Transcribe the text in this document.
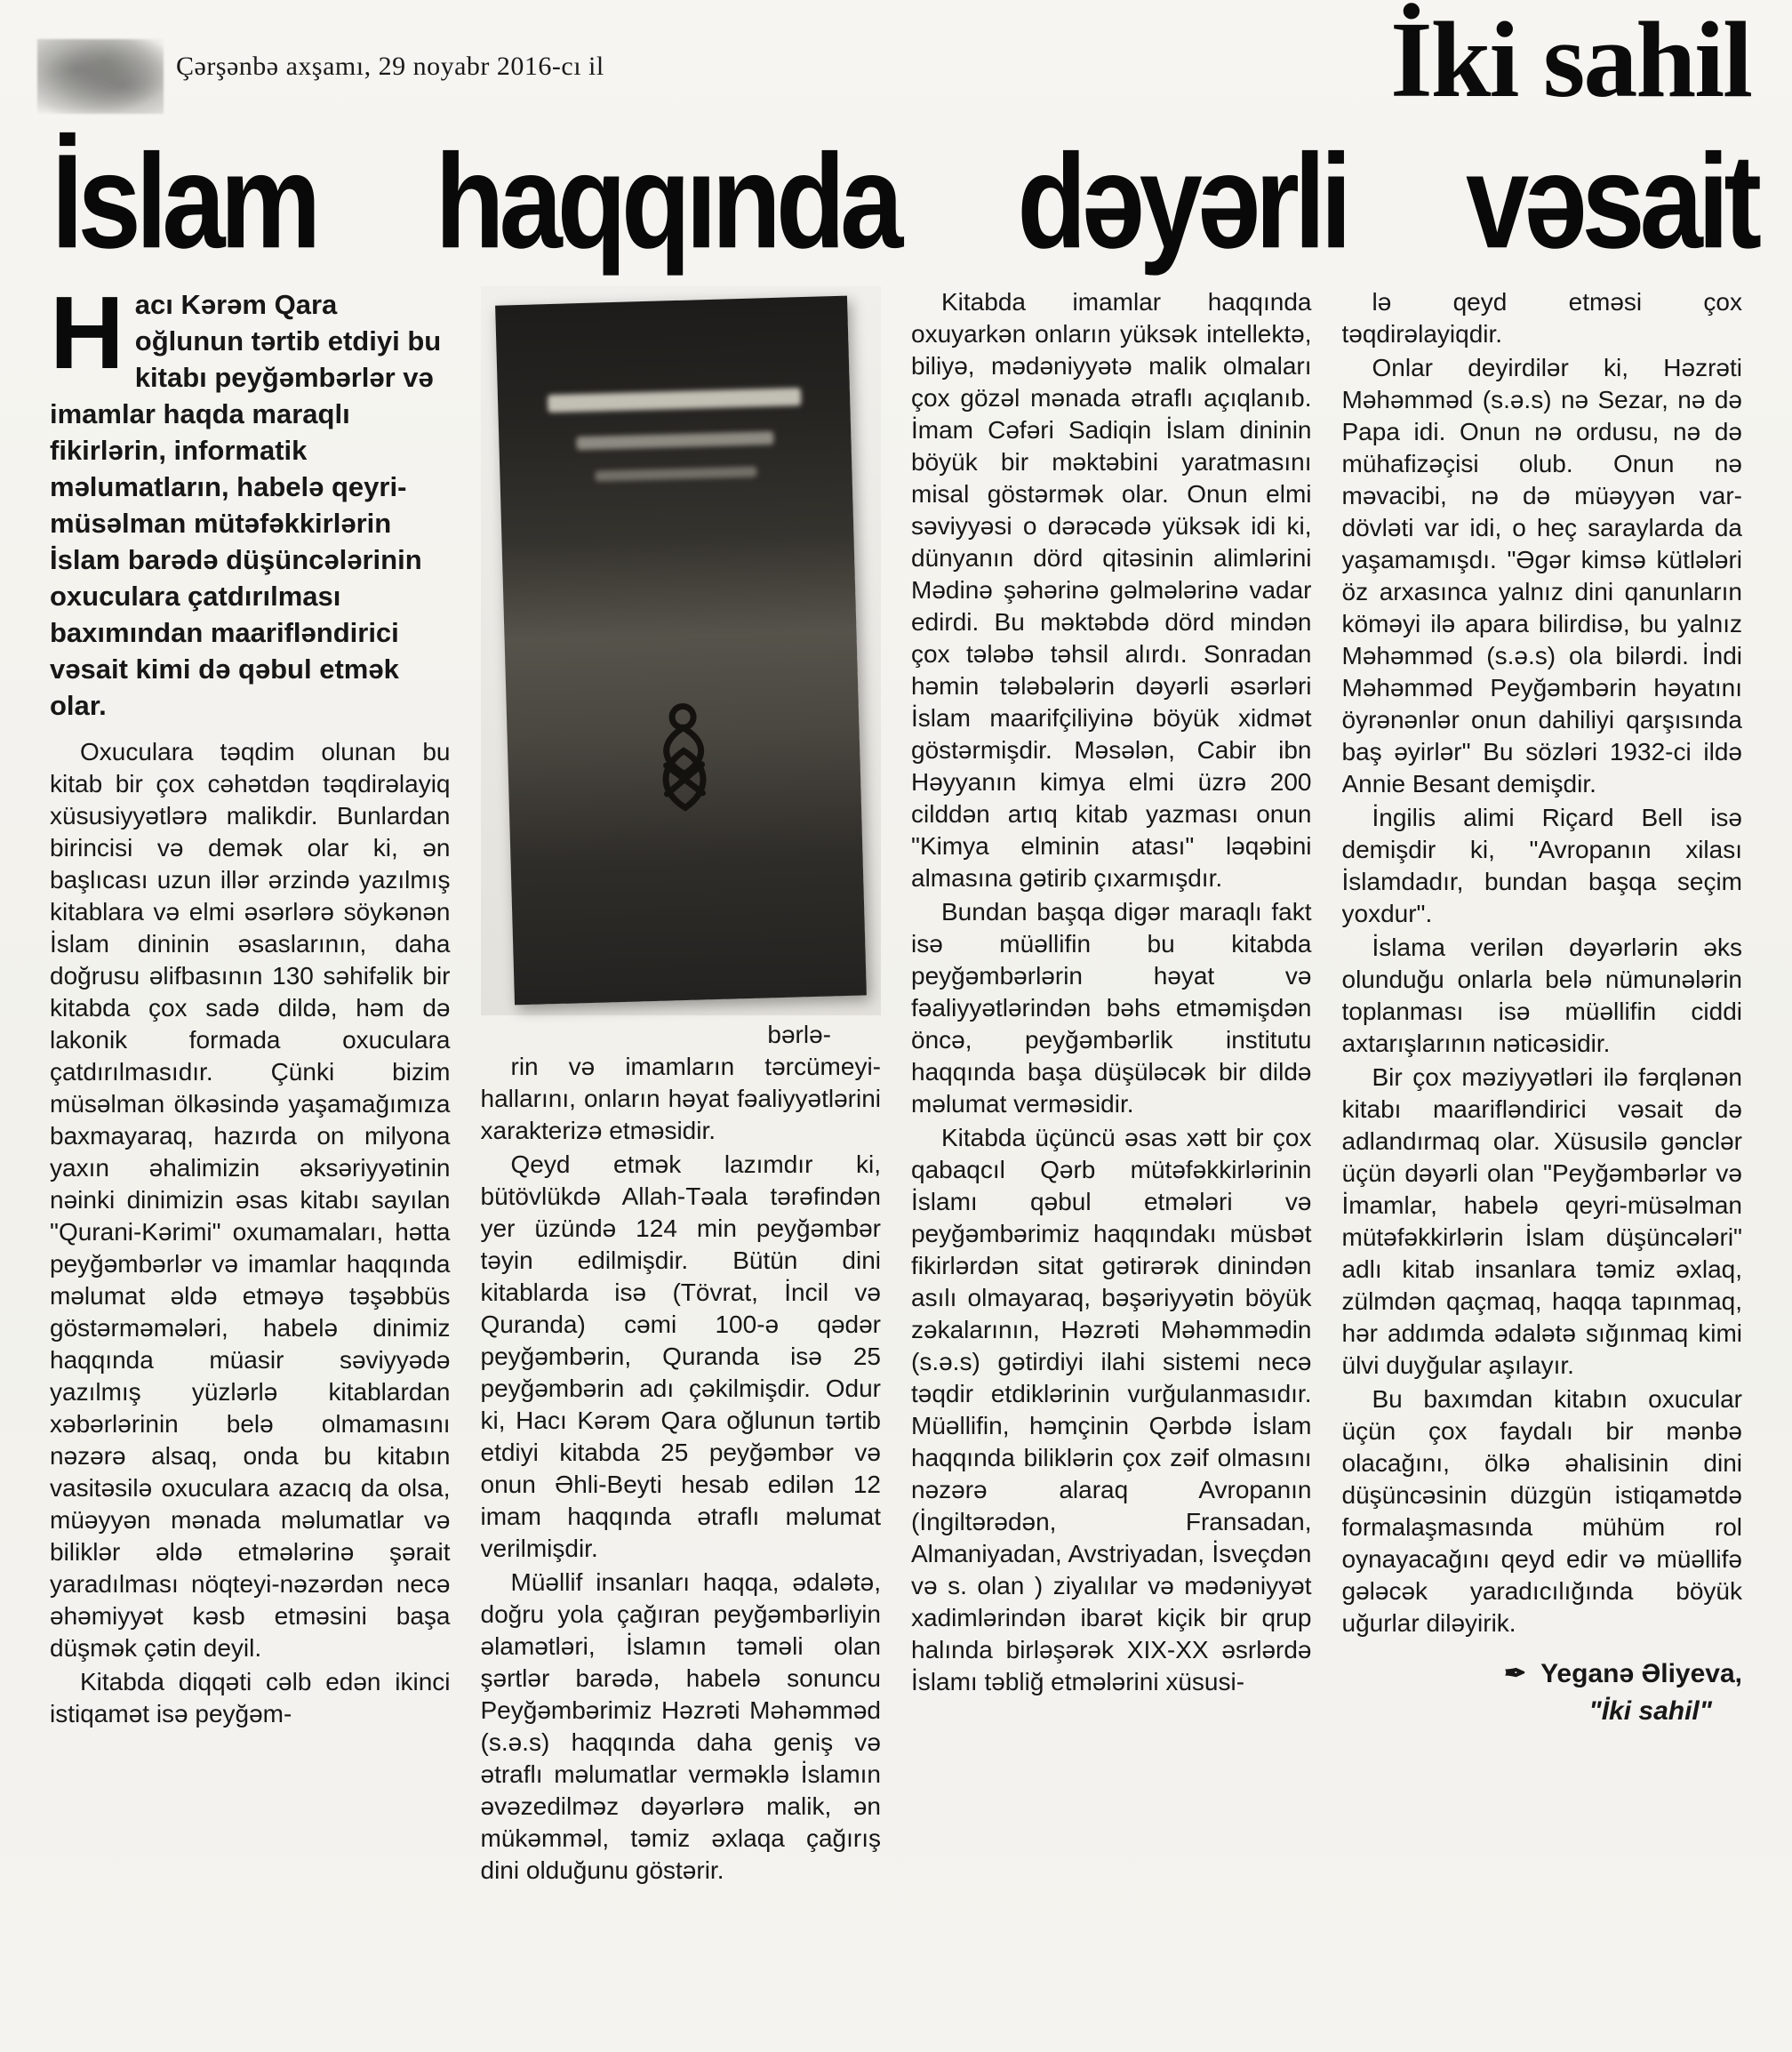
Çərşənbə axşamı, 29 noyabr 2016-cı il	İki sahil
İslam haqqında dəyərli vəsait
Hacı Kərəm Qara oğlunun tərtib etdiyi bu kitabı peyğəmbərlər və imamlar haqda maraqlı fikirlərin, informatik məlumatların, habelə qeyri-müsəlman mütəfəkkirlərin İslam barədə düşüncələrinin oxuculara çatdırılması baxımından maarifləndirici vəsait kimi də qəbul etmək olar.

Oxuculara təqdim olunan bu kitab bir çox cəhətdən təqdirəlayiq xüsusiyyətlərə malikdir. Bunlardan birincisi və demək olar ki, ən başlıcası uzun illər ərzində yazılmış kitablara və elmi əsərlərə söykənən İslam dininin əsaslarının, daha doğrusu əlifbasının 130 səhifəlik bir kitabda çox sadə dildə, həm də lakonik formada oxuculara çatdırılmasıdır. Çünki bizim müsəlman ölkəsində yaşamağımıza baxmayaraq, hazırda on milyona yaxın əhalimizin əksəriyyətinin nəinki dinimizin əsas kitabı sayılan "Qurani-Kərimi" oxumamaları, hətta peyğəmbərlər və imamlar haqqında məlumat əldə etməyə təşəbbüs göstərməmələri, habelə dinimiz haqqında müasir səviyyədə yazılmış yüzlərlə kitablardan xəbərlərinin belə olmamasını nəzərə alsaq, onda bu kitabın vasitəsilə oxuculara azacıq da olsa, müəyyən mənada məlumatlar və biliklər əldə etmələrinə şərait yaradılması nöqteyi-nəzərdən necə əhəmiyyət kəsb etməsini başa düşmək çətin deyil.

Kitabda diqqəti cəlb edən ikinci istiqamət isə peyğəm-

bərlə-

rin və imamların tərcümeyi-hallarını, onların həyat fəaliyyətlərini xarakterizə etməsidir.

Qeyd etmək lazımdır ki, bütövlükdə Allah-Təala tərəfindən yer üzündə 124 min peyğəmbər təyin edilmişdir. Bütün dini kitablarda isə (Tövrat, İncil və Quranda) cəmi 100-ə qədər peyğəmbərin, Quranda isə 25 peyğəmbərin adı çəkilmişdir. Odur ki, Hacı Kərəm Qara oğlunun tərtib etdiyi kitabda 25 peyğəmbər və onun Əhli-Beyti hesab edilən 12 imam haqqında ətraflı məlumat verilmişdir.

Müəllif insanları haqqa, ədalətə, doğru yola çağıran peyğəmbərliyin əlamətləri, İslamın təməli olan şərtlər barədə, habelə sonuncu Peyğəmbərimiz Həzrəti Məhəmməd (s.ə.s) haqqında daha geniş və ətraflı məlumatlar verməklə İslamın əvəzedilməz dəyərlərə malik, ən mükəmməl, təmiz əxlaqa çağırış dini olduğunu göstərir.

Kitabda imamlar haqqında oxuyarkən onların yüksək intellektə, biliyə, mədəniyyətə malik olmaları çox gözəl mənada ətraflı açıqlanıb. İmam Cəfəri Sadiqin İslam dininin böyük bir məktəbini yaratmasını misal göstərmək olar. Onun elmi səviyyəsi o dərəcədə yüksək idi ki, dünyanın dörd qitəsinin alimlərini Mədinə şəhərinə gəlmələrinə vadar edirdi. Bu məktəbdə dörd mindən çox tələbə təhsil alırdı. Sonradan həmin tələbələrin dəyərli əsərləri İslam maarifçiliyinə böyük xidmət göstərmişdir. Məsələn, Cabir ibn Həyyanın kimya elmi üzrə 200 cilddən artıq kitab yazması onun "Kimya elminin atası" ləqəbini almasına gətirib çıxarmışdır.

Bundan başqa digər maraqlı fakt isə müəllifin bu kitabda peyğəmbərlərin həyat və fəaliyyətlərindən bəhs etməmişdən öncə, peyğəmbərlik institutu haqqında başa düşüləcək bir dildə məlumat verməsidir.

Kitabda üçüncü əsas xətt bir çox qabaqcıl Qərb mütəfəkkirlərinin İslamı qəbul etmələri və peyğəmbərimiz haqqındakı müsbət fikirlərdən sitat gətirərək dinindən asılı olmayaraq, bəşəriyyətin böyük zəkalarının, Həzrəti Məhəmmədin (s.ə.s) gətirdiyi ilahi sistemi necə təqdir etdiklərinin vurğulanmasıdır. Müəllifin, həmçinin Qərbdə İslam haqqında biliklərin çox zəif olmasını nəzərə alaraq Avropanın (İngiltərədən, Fransadan, Almaniyadan, Avstriyadan, İsveçdən və s. olan ) ziyalılar və mədəniyyət xadimlərindən ibarət kiçik bir qrup halında birləşərək XIX-XX əsrlərdə İslamı təbliğ etmələrini xüsusi-

lə qeyd etməsi çox təqdirəlayiqdir.

Onlar deyirdilər ki, Həzrəti Məhəmməd (s.ə.s) nə Sezar, nə də Papa idi. Onun nə ordusu, nə də mühafizəçisi olub. Onun nə məvacibi, nə də müəyyən var-dövləti var idi, o heç saraylarda da yaşamamışdı. "Əgər kimsə kütlələri öz arxasınca yalnız dini qanunların köməyi ilə apara bilirdisə, bu yalnız Məhəmməd (s.ə.s) ola bilərdi. İndi Məhəmməd Peyğəmbərin həyatını öyrənənlər onun dahiliyi qarşısında baş əyirlər" Bu sözləri 1932-ci ildə Annie Besant demişdir.

İngilis alimi Riçard Bell isə demişdir ki, "Avropanın xilası İslamdadır, bundan başqa seçim yoxdur".

İslama verilən dəyərlərin əks olunduğu onlarla belə nümunələrin toplanması isə müəllifin ciddi axtarışlarının nəticəsidir.

Bir çox məziyyətləri ilə fərqlənən kitabı maarifləndirici vəsait də adlandırmaq olar. Xüsusilə gənclər üçün dəyərli olan "Peyğəmbərlər və İmamlar, habelə qeyri-müsəlman mütəfəkkirlərin İslam düşüncələri" adlı kitab insanlara təmiz əxlaq, zülmdən qaçmaq, haqqa tapınmaq, hər addımda ədalətə sığınmaq kimi ülvi duyğular aşılayır.

Bu baxımdan kitabın oxucular üçün çox faydalı bir mənbə olacağını, ölkə əhalisinin dini düşüncəsinin düzgün istiqamətdə formalaşmasında mühüm rol oynayacağını qeyd edir və müəllifə gələcək yaradıcılığında böyük uğurlar diləyirik.

✒ Yeganə Əliyeva,
"İki sahil"
